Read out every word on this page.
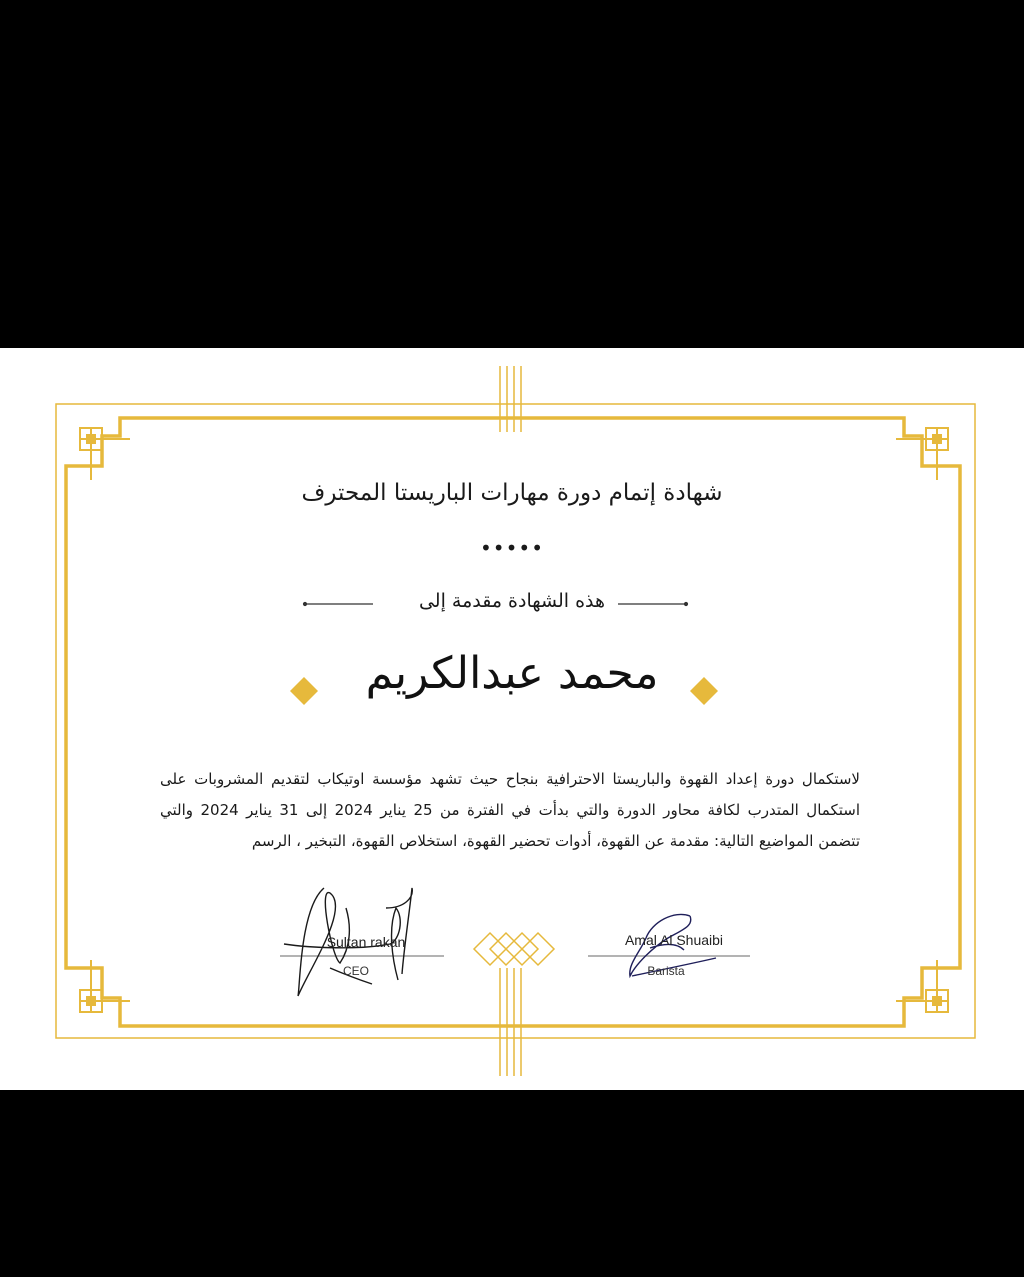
شهادة إتمام دورة مهارات الباريستا المحترف
•••••
هذه الشهادة مقدمة إلى
محمد عبدالكريم
لاستكمال دورة إعداد القهوة والباريستا الاحترافية بنجاح حيث تشهد مؤسسة اوتيكاب لتقديم المشروبات على استكمال المتدرب لكافة محاور الدورة والتي بدأت في الفترة من 25 يناير 2024 إلى 31 يناير 2024 والتي تتضمن المواضيع التالية: مقدمة عن القهوة، أدوات تحضير القهوة، استخلاص القهوة، التبخير ، الرسم
Sultan rakan
CEO
Amal Al Shuaibi
Barista
